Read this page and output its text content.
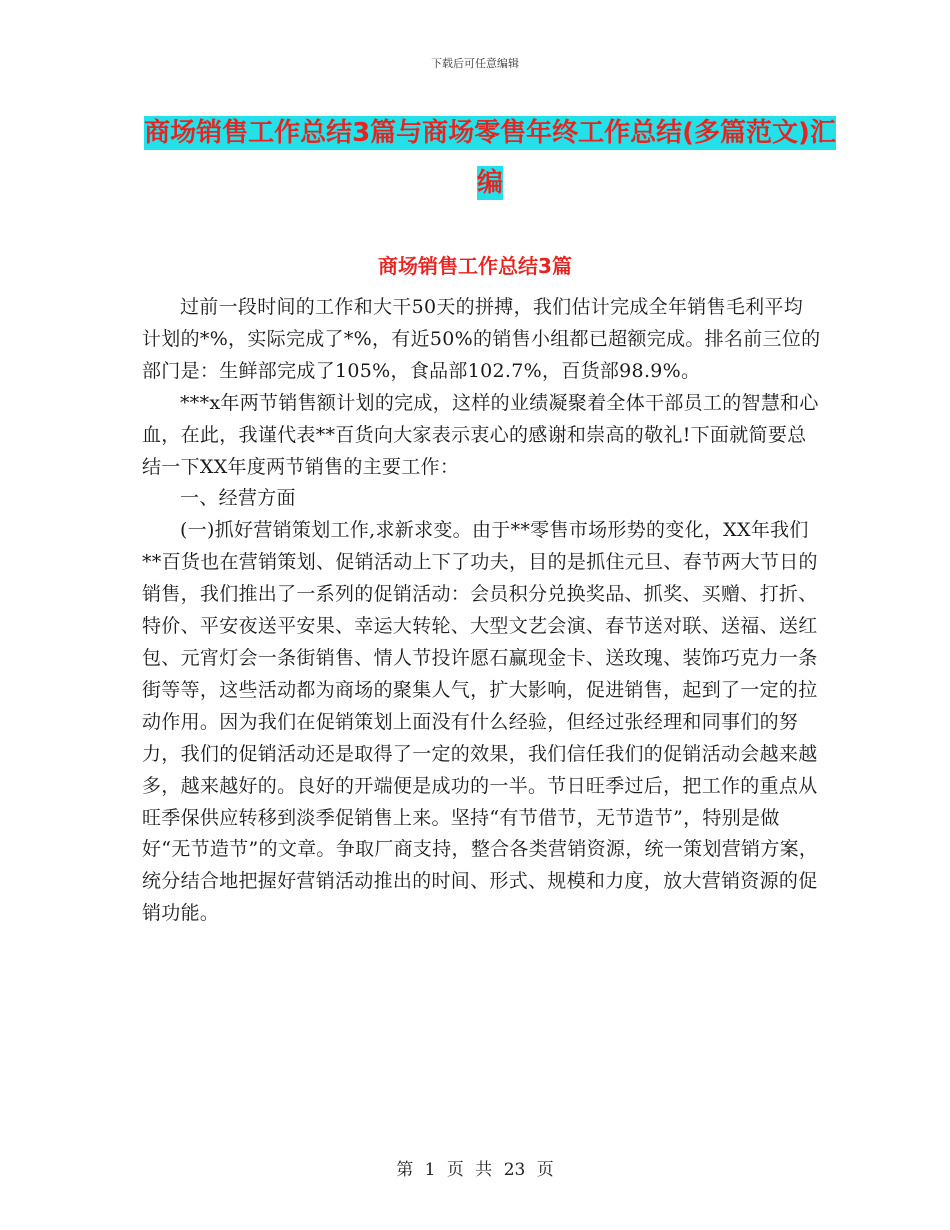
下载后可任意编辑
商场销售工作总结3篇与商场零售年终工作总结(多篇范文)汇编
商场销售工作总结3篇

过前一段时间的工作和大干50天的拼搏，我们估计完成全年销售毛利平均计划的*%，实际完成了*%，有近50%的销售小组都已超额完成。排名前三位的部门是：生鲜部完成了105%，食品部102.7%，百货部98.9%。

***x年两节销售额计划的完成，这样的业绩凝聚着全体干部员工的智慧和心血，在此，我谨代表**百货向大家表示衷心的感谢和崇高的敬礼!下面就简要总结一下XX年度两节销售的主要工作：

一、经营方面

(一)抓好营销策划工作,求新求变。由于**零售市场形势的变化，XX年我们**百货也在营销策划、促销活动上下了功夫，目的是抓住元旦、春节两大节日的销售，我们推出了一系列的促销活动：会员积分兑换奖品、抓奖、买赠、打折、特价、平安夜送平安果、幸运大转轮、大型文艺会演、春节送对联、送福、送红包、元宵灯会一条街销售、情人节投许愿石赢现金卡、送玫瑰、装饰巧克力一条街等等，这些活动都为商场的聚集人气，扩大影响，促进销售，起到了一定的拉动作用。因为我们在促销策划上面没有什么经验，但经过张经理和同事们的努力，我们的促销活动还是取得了一定的效果，我们信任我们的促销活动会越来越多，越来越好的。良好的开端便是成功的一半。节日旺季过后，把工作的重点从旺季保供应转移到淡季促销售上来。坚持“有节借节，无节造节”，特别是做好“无节造节”的文章。争取厂商支持，整合各类营销资源，统一策划营销方案，统分结合地把握好营销活动推出的时间、形式、规模和力度，放大营销资源的促销功能。

第 1 页 共 23 页
